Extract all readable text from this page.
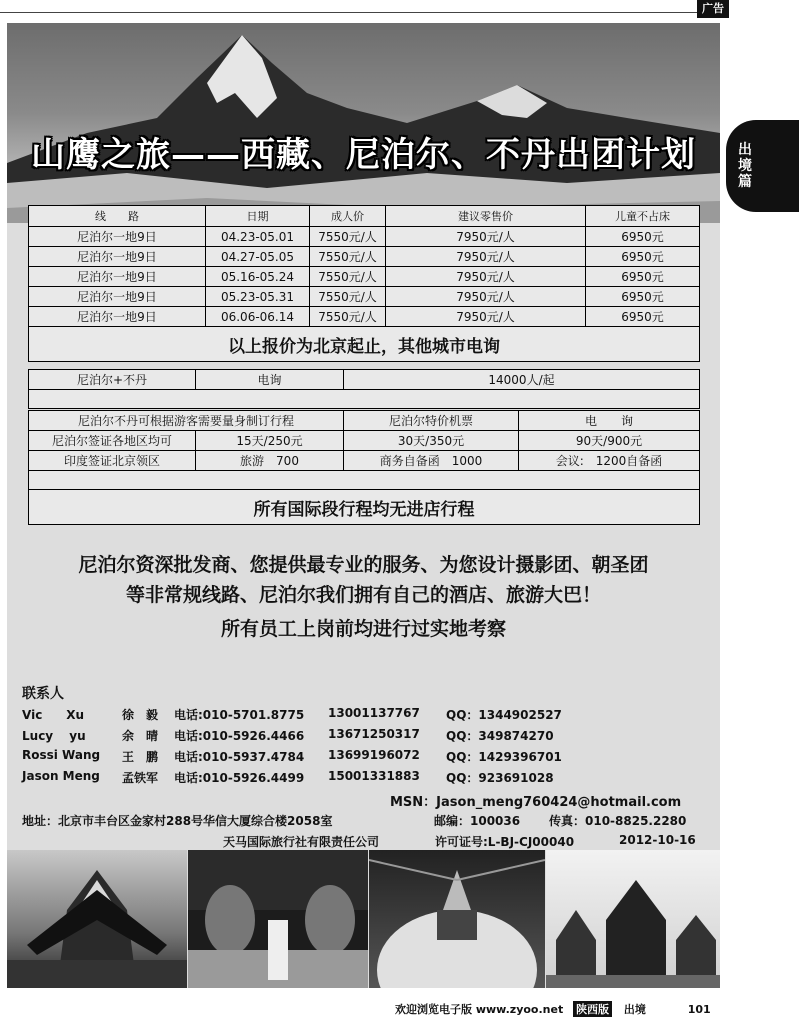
广告
出境篇
山鹰之旅——西藏、尼泊尔、不丹出团计划
线　　路	日期	成人价	建议零售价	儿童不占床
尼泊尔一地9日	04.23-05.01	7550元/人	7950元/人	6950元
尼泊尔一地9日	04.27-05.05	7550元/人	7950元/人	6950元
尼泊尔一地9日	05.16-05.24	7550元/人	7950元/人	6950元
尼泊尔一地9日	05.23-05.31	7550元/人	7950元/人	6950元
尼泊尔一地9日	06.06-06.14	7550元/人	7950元/人	6950元
以上报价为北京起止，其他城市电询				
尼泊尔+不丹	电询	14000人/起

尼泊尔不丹可根据游客需要量身制订行程		尼泊尔特价机票	电　　询
尼泊尔签证各地区均可	15天/250元	30天/350元	90天/900元
印度签证北京领区	旅游　700	商务自备函　1000	会议:　1200自备函

所有国际段行程均无进店行程			
尼泊尔资深批发商、您提供最专业的服务、为您设计摄影团、朝圣团
等非常规线路、尼泊尔我们拥有自己的酒店、旅游大巴！
所有员工上岗前均进行过实地考察
联系人
Vic　　Xu	徐　毅 电话:010-5701.8775 13001137767 QQ：1344902527
Lucy　 yu	余　晴 电话:010-5926.4466 13671250317 QQ：349874270
Rossi Wang 王　鹏 电话:010-5937.4784 13699196072 QQ：1429396701
Jason Meng 孟铁军 电话:010-5926.4499 15001331883 QQ：923691028
MSN：Jason_meng760424@hotmail.com
地址：北京市丰台区金家村288号华信大厦综合楼2058室	邮编：100036 传真：010-8825.2280
天马国际旅行社有限责任公司	许可证号:L-BJ-CJ00040	2012-10-16
欢迎浏览电子版 www.zyoo.net 陕西版 出境	101
